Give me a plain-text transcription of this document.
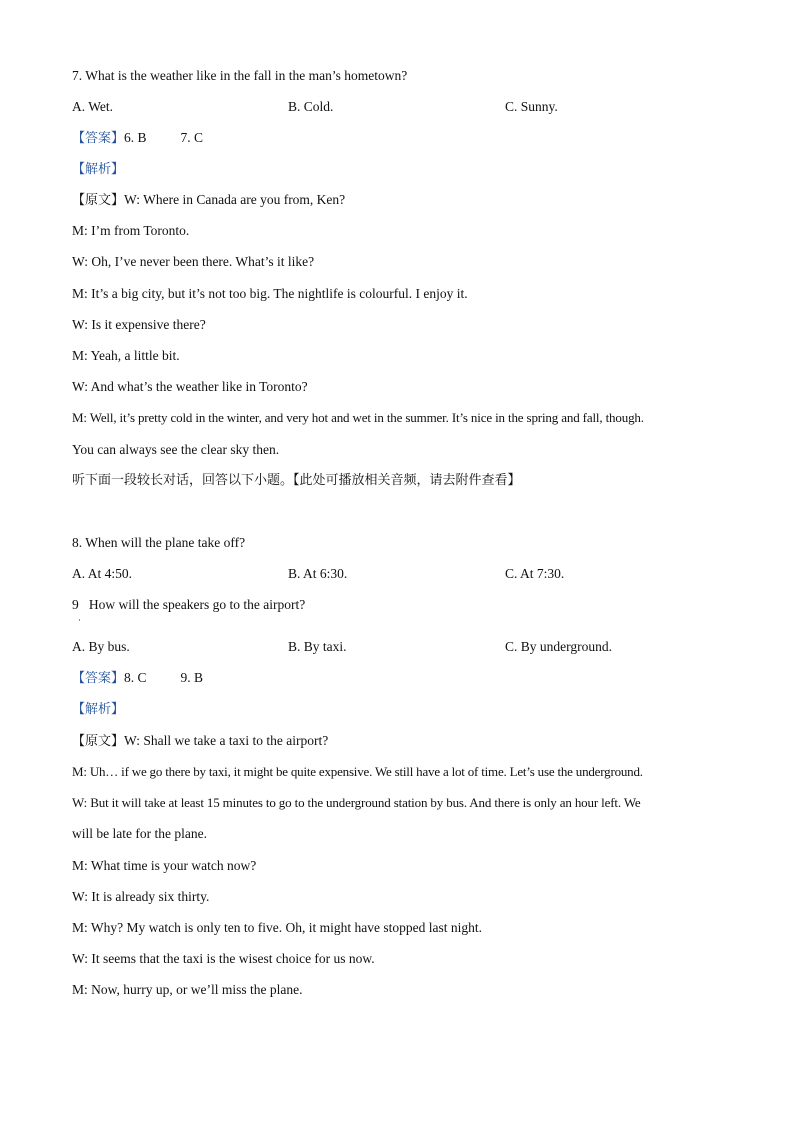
7. What is the weather like in the fall in the man’s hometown?
A. Wet.	B. Cold.	C. Sunny.
【答案】6. B	7. C
【解析】
【原文】W: Where in Canada are you from, Ken?
M: I’m from Toronto.
W: Oh, I’ve never been there. What’s it like?
M: It’s a big city, but it’s not too big. The nightlife is colourful. I enjoy it.
W: Is it expensive there?
M: Yeah, a little bit.
W: And what’s the weather like in Toronto?
M: Well, it’s pretty cold in the winter, and very hot and wet in the summer. It’s nice in the spring and fall, though.
You can always see the clear sky then.
听下面一段较长对话，回答以下小题。【此处可播放相关音频，请去附件查看】
8. When will the plane take off?
A. At 4:50.	B. At 6:30.	C. At 7:30.
9 How will the speakers go to the airport?
·
A. By bus.	B. By taxi.	C. By underground.
【答案】8. C	9. B
【解析】
【原文】W: Shall we take a taxi to the airport?
M: Uh… if we go there by taxi, it might be quite expensive. We still have a lot of time. Let’s use the underground.
W: But it will take at least 15 minutes to go to the underground station by bus. And there is only an hour left. We
will be late for the plane.
M: What time is your watch now?
W: It is already six thirty.
M: Why? My watch is only ten to five. Oh, it might have stopped last night.
W: It seems that the taxi is the wisest choice for us now.
M: Now, hurry up, or we’ll miss the plane.
